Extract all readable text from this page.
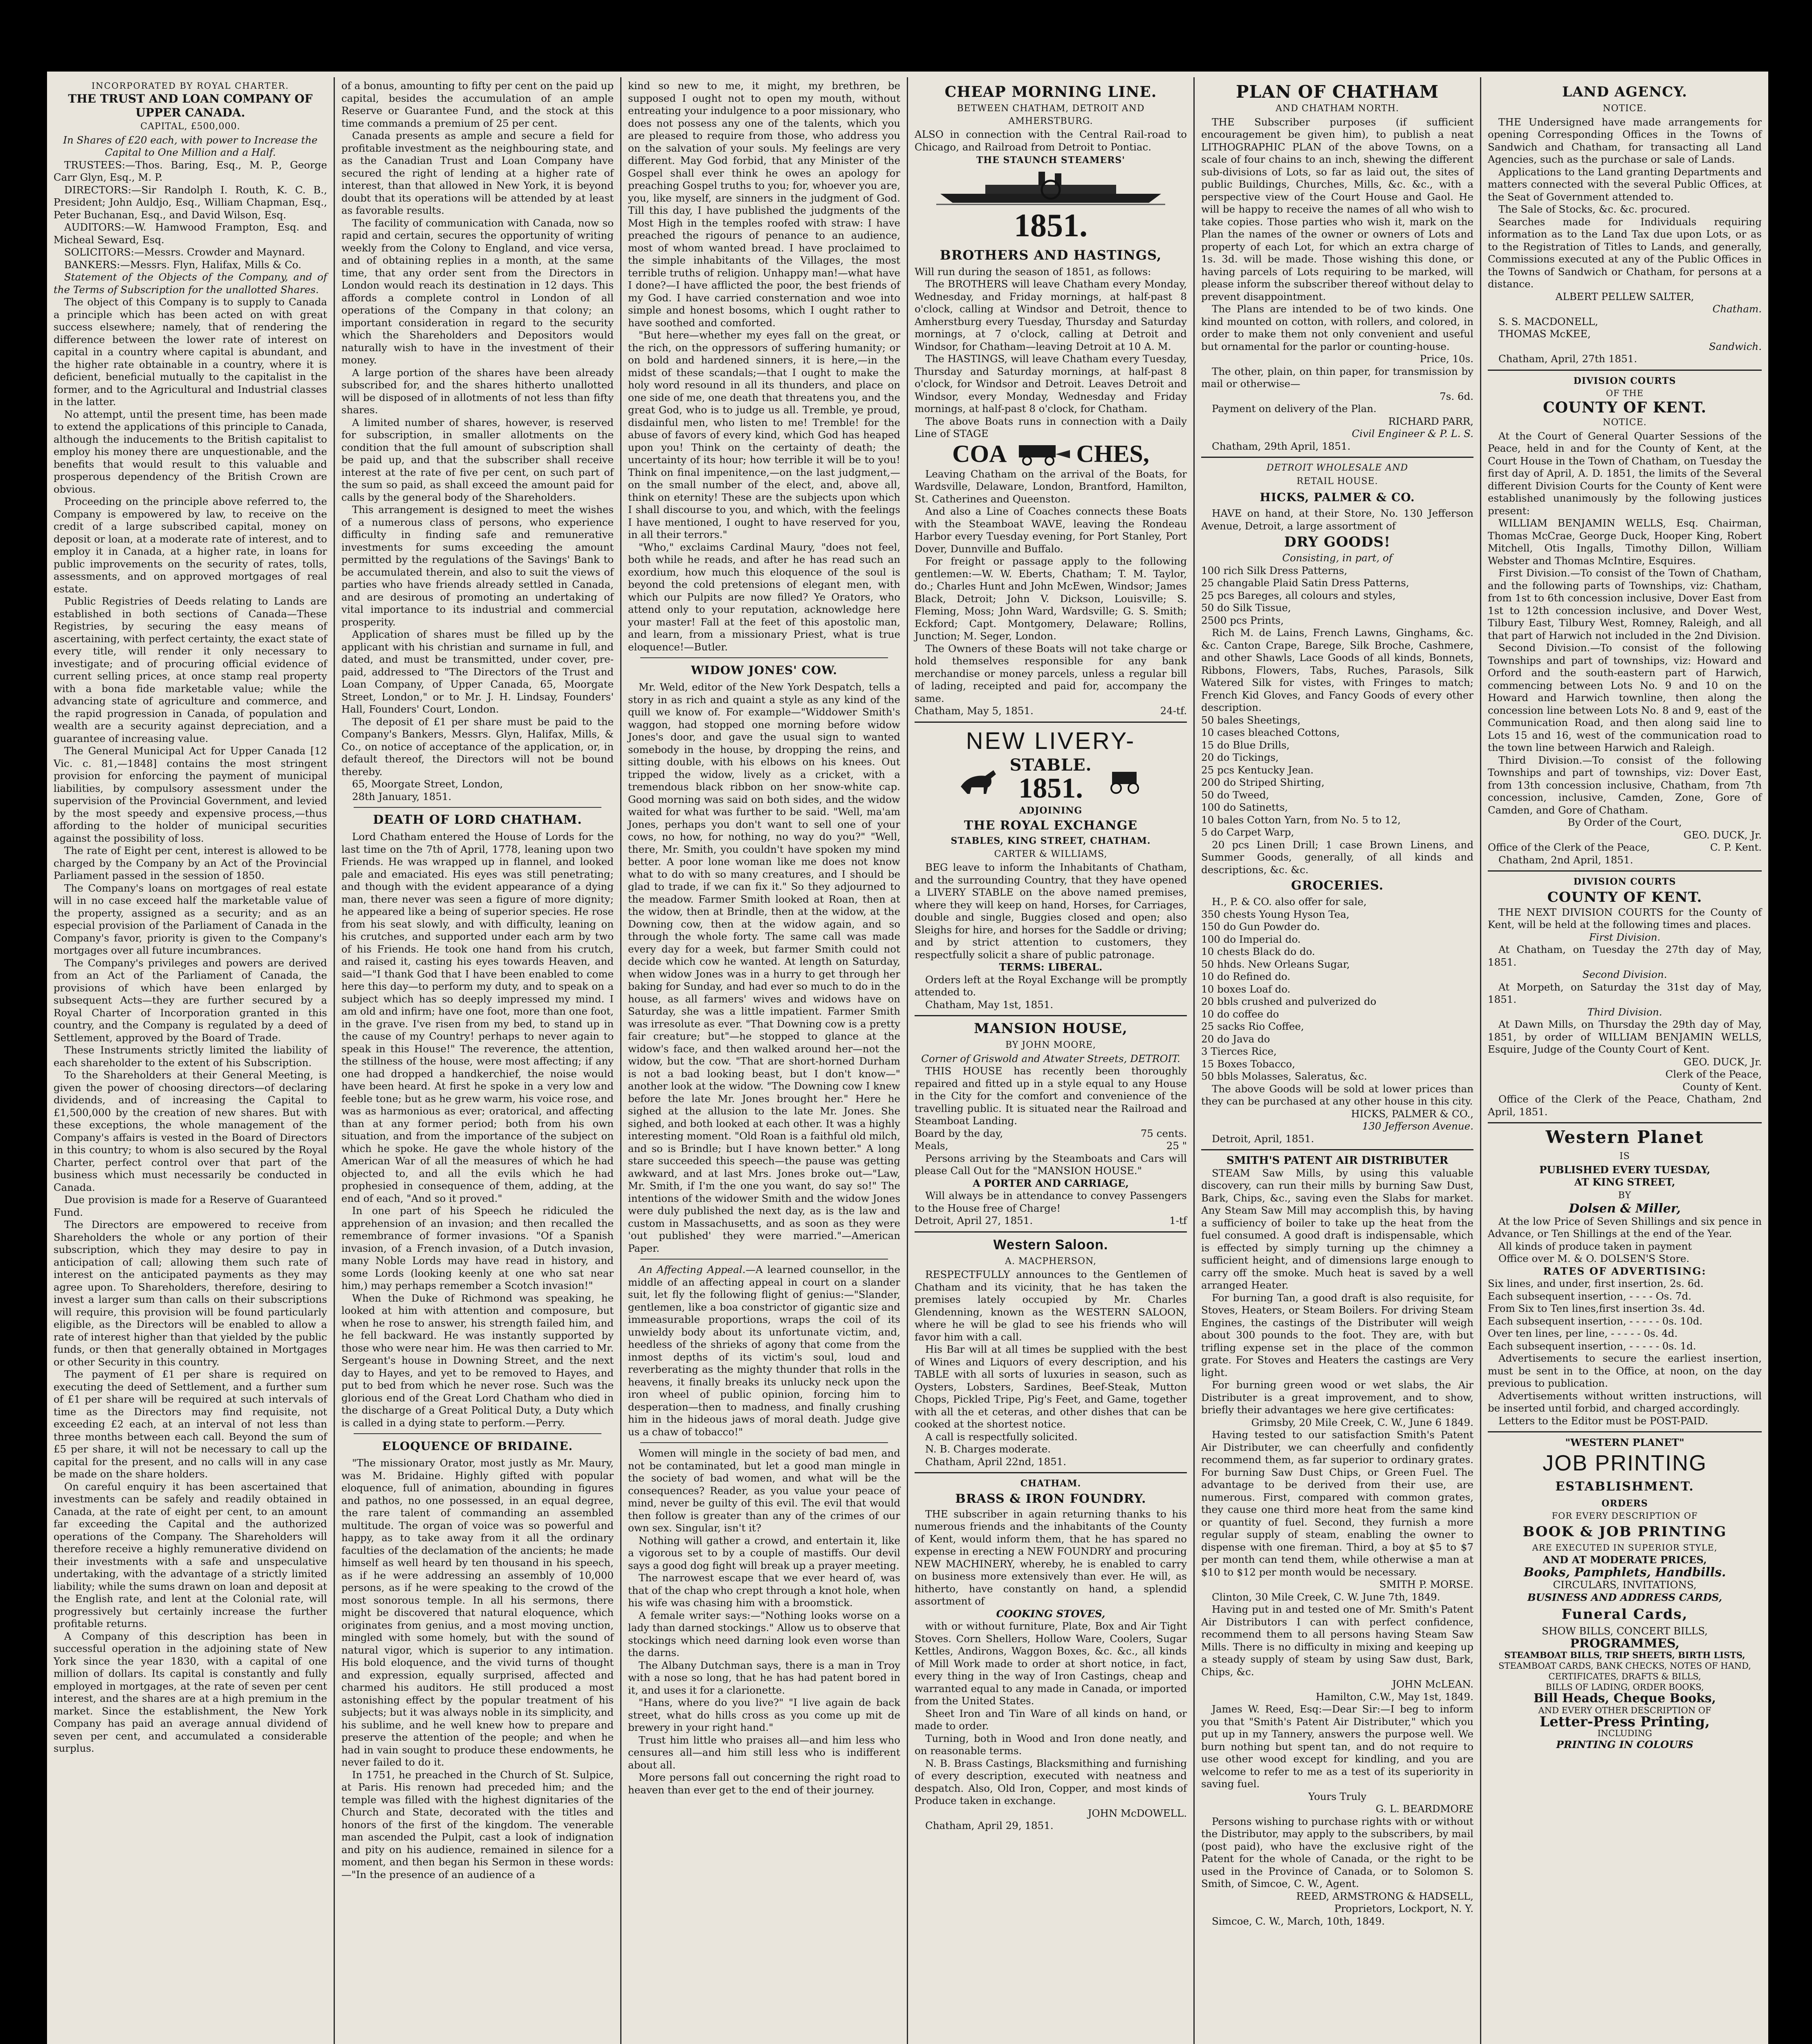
INCORPORATED BY ROYAL CHARTER.

THE TRUST AND LOAN COMPANY OF UPPER CANADA.

CAPITAL, £500,000.

In Shares of £20 each, with power to Increase the Capital to One Million and a Half.

TRUSTEES:—Thos. Baring, Esq., M. P., George Carr Glyn, Esq., M. P.

DIRECTORS:—Sir Randolph I. Routh, K. C. B., President; John Auldjo, Esq., William Chapman, Esq., Peter Buchanan, Esq., and David Wilson, Esq.

AUDITORS:—W. Hamwood Frampton, Esq. and Micheal Seward, Esq.

SOLICITORS:—Messrs. Crowder and Maynard.

BANKERS:—Messrs. Flyn, Halifax, Mills & Co.

Statement of the Objects of the Company, and of the Terms of Subscription for the unallotted Shares.

The object of this Company is to supply to Canada a principle which has been acted on with great success elsewhere; namely, that of rendering the difference between the lower rate of interest on capital in a country where capital is abundant, and the higher rate obtainable in a country, where it is deficient, beneficial mutually to the capitalist in the former, and to the Agricultural and Industrial classes in the latter.

No attempt, until the present time, has been made to extend the applications of this principle to Canada, although the inducements to the British capitalist to employ his money there are unquestionable, and the benefits that would result to this valuable and prosperous dependency of the British Crown are obvious.

Proceeding on the principle above referred to, the Company is empowered by law, to receive on the credit of a large subscribed capital, money on deposit or loan, at a moderate rate of interest, and to employ it in Canada, at a higher rate, in loans for public improvements on the security of rates, tolls, assessments, and on approved mortgages of real estate.

Public Registries of Deeds relating to Lands are established in both sections of Canada—These Registries, by securing the easy means of ascertaining, with perfect certainty, the exact state of every title, will render it only necessary to investigate; and of procuring official evidence of current selling prices, at once stamp real property with a bona fide marketable value; while the advancing state of agriculture and commerce, and the rapid progression in Canada, of population and wealth are a security against depreciation, and a guarantee of increasing value.

The General Municipal Act for Upper Canada [12 Vic. c. 81,—1848] contains the most stringent provision for enforcing the payment of municipal liabilities, by compulsory assessment under the supervision of the Provincial Government, and levied by the most speedy and expensive process,—thus affording to the holder of municipal securities against the possibility of loss.

The rate of Eight per cent, interest is allowed to be charged by the Company by an Act of the Provincial Parliament passed in the session of 1850.

The Company's loans on mortgages of real estate will in no case exceed half the marketable value of the property, assigned as a security; and as an especial provision of the Parliament of Canada in the Company's favor, priority is given to the Company's mortgages over all future incumbrances.

The Company's privileges and powers are derived from an Act of the Parliament of Canada, the provisions of which have been enlarged by subsequent Acts—they are further secured by a Royal Charter of Incorporation granted in this country, and the Company is regulated by a deed of Settlement, approved by the Board of Trade.

These Instruments strictly limited the liability of each shareholder to the extent of his Subscription.

To the Shareholders at their General Meeting, is given the power of choosing directors—of declaring dividends, and of increasing the Capital to £1,500,000 by the creation of new shares. But with these exceptions, the whole management of the Company's affairs is vested in the Board of Directors in this country; to whom is also secured by the Royal Charter, perfect control over that part of the business which must necessarily be conducted in Canada.

Due provision is made for a Reserve of Guaranteed Fund.

The Directors are empowered to receive from Shareholders the whole or any portion of their subscription, which they may desire to pay in anticipation of call; allowing them such rate of interest on the anticipated payments as they may agree upon. To Shareholders, therefore, desiring to invest a larger sum than calls on their subscriptions will require, this provision will be found particularly eligible, as the Directors will be enabled to allow a rate of interest higher than that yielded by the public funds, or then that generally obtained in Mortgages or other Security in this country.

The payment of £1 per share is required on executing the deed of Settlement, and a further sum of £1 per share will be required at such intervals of time as the Directors may find requisite, not exceeding £2 each, at an interval of not less than three months between each call. Beyond the sum of £5 per share, it will not be necessary to call up the capital for the present, and no calls will in any case be made on the share holders.

On careful enquiry it has been ascertained that investments can be safely and readily obtained in Canada, at the rate of eight per cent, to an amount far exceeding the Capital and the authorized operations of the Company. The Shareholders will therefore receive a highly remunerative dividend on their investments with a safe and unspeculative undertaking, with the advantage of a strictly limited liability; while the sums drawn on loan and deposit at the English rate, and lent at the Colonial rate, will progressively but certainly increase the further profitable returns.

A Company of this description has been in successful operation in the adjoining state of New York since the year 1830, with a capital of one million of dollars. Its capital is constantly and fully employed in mortgages, at the rate of seven per cent interest, and the shares are at a high premium in the market. Since the establishment, the New York Company has paid an average annual dividend of seven per cent, and accumulated a considerable surplus.

of a bonus, amounting to fifty per cent on the paid up capital, besides the accumulation of an ample Reserve or Guarantee Fund, and the stock at this time commands a premium of 25 per cent.

Canada presents as ample and secure a field for profitable investment as the neighbouring state, and as the Canadian Trust and Loan Company have secured the right of lending at a higher rate of interest, than that allowed in New York, it is beyond doubt that its operations will be attended by at least as favorable results.

The facility of communication with Canada, now so rapid and certain, secures the opportunity of writing weekly from the Colony to England, and vice versa, and of obtaining replies in a month, at the same time, that any order sent from the Directors in London would reach its destination in 12 days. This affords a complete control in London of all operations of the Company in that colony; an important consideration in regard to the security which the Shareholders and Depositors would naturally wish to have in the investment of their money.

A large portion of the shares have been already subscribed for, and the shares hitherto unallotted will be disposed of in allotments of not less than fifty shares.

A limited number of shares, however, is reserved for subscription, in smaller allotments on the condition that the full amount of subscription shall be paid up, and that the subscriber shall receive interest at the rate of five per cent, on such part of the sum so paid, as shall exceed the amount paid for calls by the general body of the Shareholders.

This arrangement is designed to meet the wishes of a numerous class of persons, who experience difficulty in finding safe and remunerative investments for sums exceeding the amount permitted by the regulations of the Savings' Bank to be accumulated therein, and also to suit the views of parties who have friends already settled in Canada, and are desirous of promoting an undertaking of vital importance to its industrial and commercial prosperity.

Application of shares must be filled up by the applicant with his christian and surname in full, and dated, and must be transmitted, under cover, pre-paid, addressed to "The Directors of the Trust and Loan Company, of Upper Canada, 65, Moorgate Street, London," or to Mr. J. H. Lindsay, Founders' Hall, Founders' Court, London.

The deposit of £1 per share must be paid to the Company's Bankers, Messrs. Glyn, Halifax, Mills, & Co., on notice of acceptance of the application, or, in default thereof, the Directors will not be bound thereby.

65, Moorgate Street, London,

28th January, 1851.

DEATH OF LORD CHATHAM.

Lord Chatham entered the House of Lords for the last time on the 7th of April, 1778, leaning upon two Friends. He was wrapped up in flannel, and looked pale and emaciated. His eyes was still penetrating; and though with the evident appearance of a dying man, there never was seen a figure of more dignity; he appeared like a being of superior species. He rose from his seat slowly, and with difficulty, leaning on his crutches, and supported under each arm by two of his Friends. He took one hand from his crutch, and raised it, casting his eyes towards Heaven, and said—"I thank God that I have been enabled to come here this day—to perform my duty, and to speak on a subject which has so deeply impressed my mind. I am old and infirm; have one foot, more than one foot, in the grave. I've risen from my bed, to stand up in the cause of my Country! perhaps to never again to speak in this House!" The reverence, the attention, the stillness of the house, were most affecting; if any one had dropped a handkerchief, the noise would have been heard. At first he spoke in a very low and feeble tone; but as he grew warm, his voice rose, and was as harmonious as ever; oratorical, and affecting than at any former period; both from his own situation, and from the importance of the subject on which he spoke. He gave the whole history of the American War of all the measures of which he had objected to, and all the evils which he had prophesied in consequence of them, adding, at the end of each, "And so it proved."

In one part of his Speech he ridiculed the apprehension of an invasion; and then recalled the remembrance of former invasions. "Of a Spanish invasion, of a French invasion, of a Dutch invasion, many Noble Lords may have read in history, and some Lords (looking keenly at one who sat near him,) may perhaps remember a Scotch invasion!"

When the Duke of Richmond was speaking, he looked at him with attention and composure, but when he rose to answer, his strength failed him, and he fell backward. He was instantly supported by those who were near him. He was then carried to Mr. Sergeant's house in Downing Street, and the next day to Hayes, and yet to be removed to Hayes, and put to bed from which he never rose. Such was the glorious end of the Great Lord Chatham who died in the discharge of a Great Political Duty, a Duty which is called in a dying state to perform.—Perry.

ELOQUENCE OF BRIDAINE.

"The missionary Orator, most justly as Mr. Maury, was M. Bridaine. Highly gifted with popular eloquence, full of animation, abounding in figures and pathos, no one possessed, in an equal degree, the rare talent of commanding an assembled multitude. The organ of voice was so powerful and happy, as to take away from it all the ordinary faculties of the declamation of the ancients; he made himself as well heard by ten thousand in his speech, as if he were addressing an assembly of 10,000 persons, as if he were speaking to the crowd of the most sonorous temple. In all his sermons, there might be discovered that natural eloquence, which originates from genius, and a most moving unction, mingled with some homely, but with the sound of natural vigor, which is superior to any intimation. His bold eloquence, and the vivid turns of thought and expression, equally surprised, affected and charmed his auditors. He still produced a most astonishing effect by the popular treatment of his subjects; but it was always noble in its simplicity, and his sublime, and he well knew how to prepare and preserve the attention of the people; and when he had in vain sought to produce these endowments, he never failed to do it.

In 1751, he preached in the Church of St. Sulpice, at Paris. His renown had preceded him; and the temple was filled with the highest dignitaries of the Church and State, decorated with the titles and honors of the first of the kingdom. The venerable man ascended the Pulpit, cast a look of indignation and pity on his audience, remained in silence for a moment, and then began his Sermon in these words:—"In the presence of an audience of a

kind so new to me, it might, my brethren, be supposed I ought not to open my mouth, without entreating your indulgence to a poor missionary, who does not possess any one of the talents, which you are pleased to require from those, who address you on the salvation of your souls. My feelings are very different. May God forbid, that any Minister of the Gospel shall ever think he owes an apology for preaching Gospel truths to you; for, whoever you are, you, like myself, are sinners in the judgment of God. Till this day, I have published the judgments of the Most High in the temples roofed with straw: I have preached the rigours of penance to an audience, most of whom wanted bread. I have proclaimed to the simple inhabitants of the Villages, the most terrible truths of religion. Unhappy man!—what have I done?—I have afflicted the poor, the best friends of my God. I have carried consternation and woe into simple and honest bosoms, which I ought rather to have soothed and comforted.

"But here—whether my eyes fall on the great, or the rich, on the oppressors of suffering humanity; or on bold and hardened sinners, it is here,—in the midst of these scandals;—that I ought to make the holy word resound in all its thunders, and place on one side of me, one death that threatens you, and the great God, who is to judge us all. Tremble, ye proud, disdainful men, who listen to me! Tremble! for the abuse of favors of every kind, which God has heaped upon you! Think on the certainty of death; the uncertainty of its hour; how terrible it will be to you! Think on final impenitence,—on the last judgment,—on the small number of the elect, and, above all, think on eternity! These are the subjects upon which I shall discourse to you, and which, with the feelings I have mentioned, I ought to have reserved for you, in all their terrors."

"Who," exclaims Cardinal Maury, "does not feel, both while he reads, and after he has read such an exordium, how much this eloquence of the soul is beyond the cold pretensions of elegant men, with which our Pulpits are now filled? Ye Orators, who attend only to your reputation, acknowledge here your master! Fall at the feet of this apostolic man, and learn, from a missionary Priest, what is true eloquence!—Butler.

WIDOW JONES' COW.

Mr. Weld, editor of the New York Despatch, tells a story in as rich and quaint a style as any kind of the quill we know of. For example—"Widdower Smith's waggon, had stopped one morning before widow Jones's door, and gave the usual sign to wanted somebody in the house, by dropping the reins, and sitting double, with his elbows on his knees. Out tripped the widow, lively as a cricket, with a tremendous black ribbon on her snow-white cap. Good morning was said on both sides, and the widow waited for what was further to be said. "Well, ma'am Jones, perhaps you don't want to sell one of your cows, no how, for nothing, no way do you?" "Well, there, Mr. Smith, you couldn't have spoken my mind better. A poor lone woman like me does not know what to do with so many creatures, and I should be glad to trade, if we can fix it." So they adjourned to the meadow. Farmer Smith looked at Roan, then at the widow, then at Brindle, then at the widow, at the Downing cow, then at the widow again, and so through the whole forty. The same call was made every day for a week, but farmer Smith could not decide which cow he wanted. At length on Saturday, when widow Jones was in a hurry to get through her baking for Sunday, and had ever so much to do in the house, as all farmers' wives and widows have on Saturday, she was a little impatient. Farmer Smith was irresolute as ever. "That Downing cow is a pretty fair creature; but"—he stopped to glance at the widow's face, and then walked around her—not the widow, but the cow. "That are short-horned Durham is not a bad looking beast, but I don't know—" another look at the widow. "The Downing cow I knew before the late Mr. Jones brought her." Here he sighed at the allusion to the late Mr. Jones. She sighed, and both looked at each other. It was a highly interesting moment. "Old Roan is a faithful old milch, and so is Brindle; but I have known better." A long stare succeeded this speech—the pause was getting awkward, and at last Mrs. Jones broke out—"Law, Mr. Smith, if I'm the one you want, do say so!" The intentions of the widower Smith and the widow Jones were duly published the next day, as is the law and custom in Massachusetts, and as soon as they were 'out published' they were married."—American Paper.

An Affecting Appeal.—A learned counsellor, in the middle of an affecting appeal in court on a slander suit, let fly the following flight of genius:—"Slander, gentlemen, like a boa constrictor of gigantic size and immeasurable proportions, wraps the coil of its unwieldy body about its unfortunate victim, and, heedless of the shrieks of agony that come from the inmost depths of its victim's soul, loud and reverberating as the mighty thunder that rolls in the heavens, it finally breaks its unlucky neck upon the iron wheel of public opinion, forcing him to desperation—then to madness, and finally crushing him in the hideous jaws of moral death. Judge give us a chaw of tobacco!"

Women will mingle in the society of bad men, and not be contaminated, but let a good man mingle in the society of bad women, and what will be the consequences? Reader, as you value your peace of mind, never be guilty of this evil. The evil that would then follow is greater than any of the crimes of our own sex. Singular, isn't it?

Nothing will gather a crowd, and entertain it, like a vigorous set to by a couple of mastiffs. Our devil says a good dog fight will break up a prayer meeting.

The narrowest escape that we ever heard of, was that of the chap who crept through a knot hole, when his wife was chasing him with a broomstick.

A female writer says:—"Nothing looks worse on a lady than darned stockings." Allow us to observe that stockings which need darning look even worse than the darns.

The Albany Dutchman says, there is a man in Troy with a nose so long, that he has had patent bored in it, and uses it for a clarionette.

"Hans, where do you live?" "I live again de back street, what do hills cross as you come up mit de brewery in your right hand."

Trust him little who praises all—and him less who censures all—and him still less who is indifferent about all.

More persons fall out concerning the right road to heaven than ever get to the end of their journey.

CHEAP MORNING LINE.

BETWEEN CHATHAM, DETROIT AND AMHERSTBURG.

ALSO in connection with the Central Rail-road to Chicago, and Railroad from Detroit to Pontiac.

THE STAUNCH STEAMERS'

1851.

BROTHERS AND HASTINGS,

Will run during the season of 1851, as follows:

The BROTHERS will leave Chatham every Monday, Wednesday, and Friday mornings, at half-past 8 o'clock, calling at Windsor and Detroit, thence to Amherstburg every Tuesday, Thursday and Saturday mornings, at 7 o'clock, calling at Detroit and Windsor, for Chatham—leaving Detroit at 10 A. M.

The HASTINGS, will leave Chatham every Tuesday, Thursday and Saturday mornings, at half-past 8 o'clock, for Windsor and Detroit. Leaves Detroit and Windsor, every Monday, Wednesday and Friday mornings, at half-past 8 o'clock, for Chatham.

The above Boats runs in connection with a Daily Line of STAGE

COA	CHES,

Leaving Chatham on the arrival of the Boats, for Wardsville, Delaware, London, Brantford, Hamilton, St. Catherines and Queenston.

And also a Line of Coaches connects these Boats with the Steamboat WAVE, leaving the Rondeau Harbor every Tuesday evening, for Port Stanley, Port Dover, Dunnville and Buffalo.

For freight or passage apply to the following gentlemen:—W. W. Eberts, Chatham; T. M. Taylor, do.; Charles Hunt and John McEwen, Windsor; James Black, Detroit; John V. Dickson, Louisville; S. Fleming, Moss; John Ward, Wardsville; G. S. Smith; Eckford; Capt. Montgomery, Delaware; Rollins, Junction; M. Seger, London.

The Owners of these Boats will not take charge or hold themselves responsible for any bank merchandise or money parcels, unless a regular bill of lading, receipted and paid for, accompany the same.

Chatham, May 5, 1851.	24-tf.

NEW LIVERY-

STABLE.

1851.

ADJOINING

THE ROYAL EXCHANGE

STABLES, KING STREET, CHATHAM.

CARTER & WILLIAMS,

BEG leave to inform the Inhabitants of Chatham, and the surrounding Country, that they have opened a LIVERY STABLE on the above named premises, where they will keep on hand, Horses, for Carriages, double and single, Buggies closed and open; also Sleighs for hire, and horses for the Saddle or driving; and by strict attention to customers, they respectfully solicit a share of public patronage.

TERMS: LIBERAL.

Orders left at the Royal Exchange will be promptly attended to.

Chatham, May 1st, 1851.

MANSION HOUSE,

BY JOHN MOORE,

Corner of Griswold and Atwater Streets, DETROIT.

THIS HOUSE has recently been thoroughly repaired and fitted up in a style equal to any House in the City for the comfort and convenience of the travelling public. It is situated near the Railroad and Steamboat Landing.

Board by the day,	75 cents.
Meals,	25 "

Persons arriving by the Steamboats and Cars will please Call Out for the "MANSION HOUSE."

A PORTER AND CARRIAGE,

Will always be in attendance to convey Passengers to the House free of Charge!

Detroit, April 27, 1851.	1-tf

Western Saloon.

A. MACPHERSON,

RESPECTFULLY announces to the Gentlemen of Chatham and its vicinity, that he has taken the premises lately occupied by Mr. Charles Glendenning, known as the WESTERN SALOON, where he will be glad to see his friends who will favor him with a call.

His Bar will at all times be supplied with the best of Wines and Liquors of every description, and his TABLE with all sorts of luxuries in season, such as Oysters, Lobsters, Sardines, Beef-Steak, Mutton Chops, Pickled Tripe, Pig's Feet, and Game, together with all the et ceteras, and other dishes that can be cooked at the shortest notice.

A call is respectfully solicited.

N. B. Charges moderate.

Chatham, April 22nd, 1851.

CHATHAM.

BRASS & IRON FOUNDRY.

THE subscriber in again returning thanks to his numerous friends and the inhabitants of the County of Kent, would inform them, that he has spared no expense in erecting a NEW FOUNDRY and procuring NEW MACHINERY, whereby, he is enabled to carry on business more extensively than ever. He will, as hitherto, have constantly on hand, a splendid assortment of

COOKING STOVES,

with or without furniture, Plate, Box and Air Tight Stoves. Corn Shellers, Hollow Ware, Coolers, Sugar Kettles, Andirons, Waggon Boxes, &c. &c., all kinds of Mill Work made to order at short notice, in fact, every thing in the way of Iron Castings, cheap and warranted equal to any made in Canada, or imported from the United States.

Sheet Iron and Tin Ware of all kinds on hand, or made to order.

Turning, both in Wood and Iron done neatly, and on reasonable terms.

N. B. Brass Castings, Blacksmithing and furnishing of every description, executed with neatness and despatch. Also, Old Iron, Copper, and most kinds of Produce taken in exchange.

JOHN McDOWELL.

Chatham, April 29, 1851.

PLAN OF CHATHAM

AND CHATHAM NORTH.

THE Subscriber purposes (if sufficient encouragement be given him), to publish a neat LITHOGRAPHIC PLAN of the above Towns, on a scale of four chains to an inch, shewing the different sub-divisions of Lots, so far as laid out, the sites of public Buildings, Churches, Mills, &c. &c., with a perspective view of the Court House and Gaol. He will be happy to receive the names of all who wish to take copies. Those parties who wish it, mark on the Plan the names of the owner or owners of Lots and property of each Lot, for which an extra charge of 1s. 3d. will be made. Those wishing this done, or having parcels of Lots requiring to be marked, will please inform the subscriber thereof without delay to prevent disappointment.

The Plans are intended to be of two kinds. One kind mounted on cotton, with rollers, and colored, in order to make them not only convenient and useful but ornamental for the parlor or counting-house.

Price, 10s.

The other, plain, on thin paper, for transmission by mail or otherwise—

7s. 6d.

Payment on delivery of the Plan.

RICHARD PARR,

Civil Engineer & P. L. S.

Chatham, 29th April, 1851.

DETROIT WHOLESALE AND

RETAIL HOUSE.

HICKS, PALMER & CO.

HAVE on hand, at their Store, No. 130 Jefferson Avenue, Detroit, a large assortment of

DRY GOODS!

Consisting, in part, of

100 rich Silk Dress Patterns,

25 changable Plaid Satin Dress Patterns,

25 pcs Bareges, all colours and styles,

50 do Silk Tissue,

2500 pcs Prints,

Rich M. de Lains, French Lawns, Ginghams, &c. &c. Canton Crape, Barege, Silk Broche, Cashmere, and other Shawls, Lace Goods of all kinds, Bonnets, Ribbons, Flowers, Tabs, Ruches, Parasols, Silk Watered Silk for vistes, with Fringes to match; French Kid Gloves, and Fancy Goods of every other description.

50 bales Sheetings,

10 cases bleached Cottons,

15 do Blue Drills,

20 do Tickings,

25 pcs Kentucky Jean.

200 do Striped Shirting,

50 do Tweed,

100 do Satinetts,

10 bales Cotton Yarn, from No. 5 to 12,

5 do Carpet Warp,

20 pcs Linen Drill; 1 case Brown Linens, and Summer Goods, generally, of all kinds and descriptions, &c. &c.

GROCERIES.

H., P. & CO. also offer for sale,

350 chests Young Hyson Tea,

150 do Gun Powder do.

100 do Imperial do.

10 chests Black do do.

50 hhds. New Orleans Sugar,

10 do Refined do.

10 boxes Loaf do.

20 bbls crushed and pulverized do

10 do coffee do

25 sacks Rio Coffee,

20 do Java do

3 Tierces Rice,

15 Boxes Tobacco,

50 bbls Molasses, Saleratus, &c.

The above Goods will be sold at lower prices than they can be purchased at any other house in this city.

HICKS, PALMER & CO.,

130 Jefferson Avenue.

Detroit, April, 1851.

SMITH'S PATENT AIR DISTRIBUTER

STEAM Saw Mills, by using this valuable discovery, can run their mills by burning Saw Dust, Bark, Chips, &c., saving even the Slabs for market. Any Steam Saw Mill may accomplish this, by having a sufficiency of boiler to take up the heat from the fuel consumed. A good draft is indispensable, which is effected by simply turning up the chimney a sufficient height, and of dimensions large enough to carry off the smoke. Much heat is saved by a well arranged Heater.

For burning Tan, a good draft is also requisite, for Stoves, Heaters, or Steam Boilers. For driving Steam Engines, the castings of the Distributer will weigh about 300 pounds to the foot. They are, with but trifling expense set in the place of the common grate. For Stoves and Heaters the castings are Very light.

For burning green wood or wet slabs, the Air Distributer is a great improvement, and to show, briefly their advantages we here give certificates:

Grimsby, 20 Mile Creek, C. W., June 6 1849.

Having tested to our satisfaction Smith's Patent Air Distributer, we can cheerfully and confidently recommend them, as far superior to ordinary grates. For burning Saw Dust Chips, or Green Fuel. The advantage to be derived from their use, are numerous. First, compared with common grates, they cause one third more heat from the same kind or quantity of fuel. Second, they furnish a more regular supply of steam, enabling the owner to dispense with one fireman. Third, a boy at $5 to $7 per month can tend them, while otherwise a man at $10 to $12 per month would be necessary.

SMITH P. MORSE.

Clinton, 30 Mile Creek, C. W. June 7th, 1849.

Having put in and tested one of Mr. Smith's Patent Air Distributors I can with perfect confidence, recommend them to all persons having Steam Saw Mills. There is no difficulty in mixing and keeping up a steady supply of steam by using Saw dust, Bark, Chips, &c.

JOHN McLEAN.

Hamilton, C.W., May 1st, 1849.

James W. Reed, Esq:—Dear Sir:—I beg to inform you that "Smith's Patent Air Distributer," which you put up in my Tannery, answers the purpose well. We burn nothing but spent tan, and do not require to use other wood except for kindling, and you are welcome to refer to me as a test of its superiority in saving fuel.

Yours Truly

G. L. BEARDMORE

Persons wishing to purchase rights with or without the Distributor, may apply to the subscribers, by mail (post paid), who have the exclusive right of the Patent for the whole of Canada, or the right to be used in the Province of Canada, or to Solomon S. Smith, of Simcoe, C. W., Agent.

REED, ARMSTRONG & HADSELL,

Proprietors, Lockport, N. Y.

Simcoe, C. W., March, 10th, 1849.

LAND AGENCY.

NOTICE.

THE Undersigned have made arrangements for opening Corresponding Offices in the Towns of Sandwich and Chatham, for transacting all Land Agencies, such as the purchase or sale of Lands.

Applications to the Land granting Departments and matters connected with the several Public Offices, at the Seat of Government attended to.

The Sale of Stocks, &c. &c. procured.

Searches made for Individuals requiring information as to the Land Tax due upon Lots, or as to the Registration of Titles to Lands, and generally, Commissions executed at any of the Public Offices in the Towns of Sandwich or Chatham, for persons at a distance.

ALBERT PELLEW SALTER,

Chatham.

S. S. MACDONELL,

THOMAS McKEE,

Sandwich.

Chatham, April, 27th 1851.

DIVISION COURTS

OF THE

COUNTY OF KENT.

NOTICE.

At the Court of General Quarter Sessions of the Peace, held in and for the County of Kent, at the Court House in the Town of Chatham, on Tuesday the first day of April, A. D. 1851, the limits of the Several different Division Courts for the County of Kent were established unanimously by the following justices present:

WILLIAM BENJAMIN WELLS, Esq. Chairman, Thomas McCrae, George Duck, Hooper King, Robert Mitchell, Otis Ingalls, Timothy Dillon, William Webster and Thomas McIntire, Esquires.

First Division.—To consist of the Town of Chatham, and the following parts of Townships, viz: Chatham, from 1st to 6th concession inclusive, Dover East from 1st to 12th concession inclusive, and Dover West, Tilbury East, Tilbury West, Romney, Raleigh, and all that part of Harwich not included in the 2nd Division.

Second Division.—To consist of the following Townships and part of townships, viz: Howard and Orford and the south-eastern part of Harwich, commencing between Lots No. 9 and 10 on the Howard and Harwich townline, then along the concession line between Lots No. 8 and 9, east of the Communication Road, and then along said line to Lots 15 and 16, west of the communication road to the town line between Harwich and Raleigh.

Third Division.—To consist of the following Townships and part of townships, viz: Dover East, from 13th concession inclusive, Chatham, from 7th concession, inclusive, Camden, Zone, Gore of Camden, and Gore of Chatham.

By Order of the Court,

GEO. DUCK, Jr.

Office of the Clerk of the Peace,	C. P. Kent.

Chatham, 2nd April, 1851.

DIVISION COURTS

COUNTY OF KENT.

THE NEXT DIVISION COURTS for the County of Kent, will be held at the following times and places.

First Division.

At Chatham, on Tuesday the 27th day of May, 1851.

Second Division.

At Morpeth, on Saturday the 31st day of May, 1851.

Third Division.

At Dawn Mills, on Thursday the 29th day of May, 1851, by order of WILLIAM BENJAMIN WELLS, Esquire, Judge of the County Court of Kent.

GEO. DUCK, Jr.

Clerk of the Peace,

County of Kent.

Office of the Clerk of the Peace, Chatham, 2nd April, 1851.

Western Planet

IS

PUBLISHED EVERY TUESDAY,

AT KING STREET,

BY

Dolsen & Miller,

At the low Price of Seven Shillings and six pence in Advance, or Ten Shillings at the end of the Year.

All kinds of produce taken in payment

Office over M. & O. DOLSEN'S Store.

RATES OF ADVERTISING:

Six lines, and under, first insertion, 2s. 6d.

Each subsequent insertion, - - - - Os. 7d.

From Six to Ten lines,first insertion 3s. 4d.

Each subsequent insertion, - - - - - 0s. 10d.

Over ten lines, per line, - - - - - 0s. 4d.

Each subsequent insertion, - - - - - 0s. 1d.

Advertisements to secure the earliest insertion, must be sent in to the Office, at noon, on the day previous to publication.

Advertisements without written instructions, will be inserted until forbid, and charged accordingly.

Letters to the Editor must be POST-PAID.

"WESTERN PLANET"

JOB PRINTING

ESTABLISHMENT.

ORDERS

FOR EVERY DESCRIPTION OF

BOOK & JOB PRINTING

ARE EXECUTED IN SUPERIOR STYLE,

AND AT MODERATE PRICES,

Books, Pamphlets, Handbills.

CIRCULARS, INVITATIONS,

BUSINESS AND ADDRESS CARDS,

Funeral Cards,

SHOW BILLS, CONCERT BILLS,

PROGRAMMES,

STEAMBOAT BILLS, TRIP SHEETS, BIRTH LISTS,

STEAMBOAT CARDS, BANK CHECKS, NOTES OF HAND,

CERTIFICATES, DRAFTS & BILLS,

BILLS OF LADING, ORDER BOOKS,

Bill Heads, Cheque Books,

AND EVERY OTHER DESCRIPTION OF

Letter-Press Printing,

INCLUDING

PRINTING IN COLOURS
